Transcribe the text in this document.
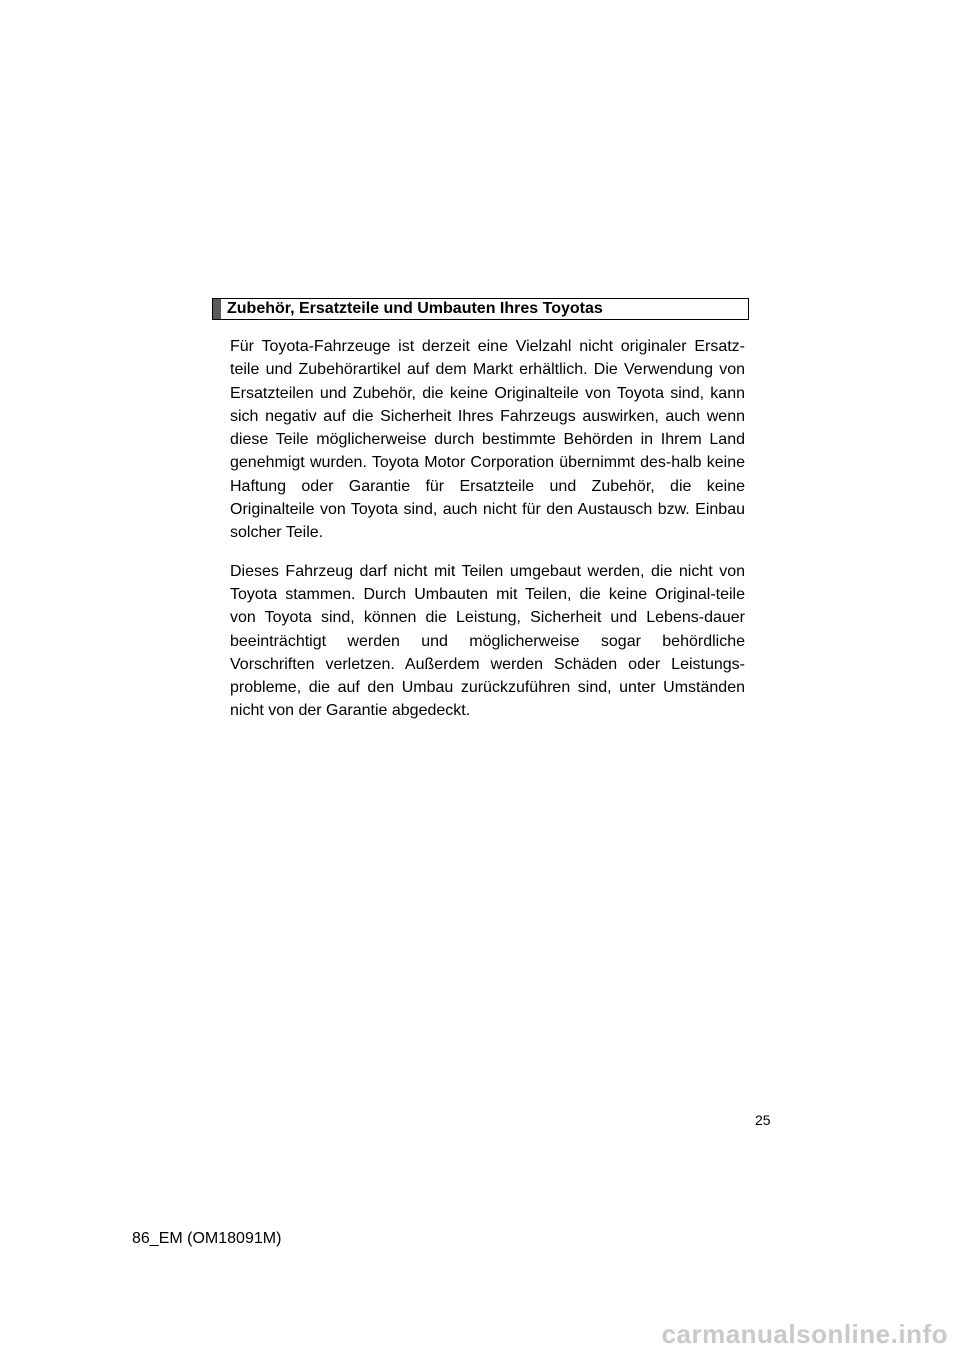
Zubehör, Ersatzteile und Umbauten Ihres Toyotas

Für Toyota-Fahrzeuge ist derzeit eine Vielzahl nicht originaler Ersatz-teile und Zubehörartikel auf dem Markt erhältlich. Die Verwendung von Ersatzteilen und Zubehör, die keine Originalteile von Toyota sind, kann sich negativ auf die Sicherheit Ihres Fahrzeugs auswirken, auch wenn diese Teile möglicherweise durch bestimmte Behörden in Ihrem Land genehmigt wurden. Toyota Motor Corporation übernimmt des-halb keine Haftung oder Garantie für Ersatzteile und Zubehör, die keine Originalteile von Toyota sind, auch nicht für den Austausch bzw. Einbau solcher Teile.

Dieses Fahrzeug darf nicht mit Teilen umgebaut werden, die nicht von Toyota stammen. Durch Umbauten mit Teilen, die keine Original-teile von Toyota sind, können die Leistung, Sicherheit und Lebens-dauer beeinträchtigt werden und möglicherweise sogar behördliche Vorschriften verletzen. Außerdem werden Schäden oder Leistungs-probleme, die auf den Umbau zurückzuführen sind, unter Umständen nicht von der Garantie abgedeckt.

25
86_EM (OM18091M)
carmanualsonline.info
